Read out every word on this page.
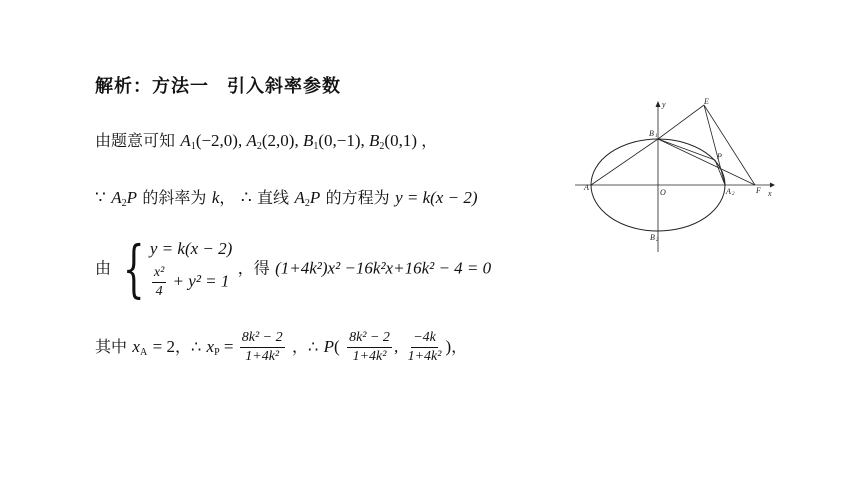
解析：方法一 引入斜率参数
由题意可知 $A_1(-2,0)$, $A_2(2,0)$, $B_1(0,-1)$, $B_2(0,1)$ ，
∵ $A_2P$ 的斜率为 k， ∴ 直线 $A_2P$ 的方程为 y = k(x − 2)
由 { y = k(x − 2)
$\frac{\text{x²}}{4} + y^2 = 1$
，得 (1+4k²)x² −16k²x+16k² − 4 = 0
其中 $x_A = 2$，∴ $x_P = \frac{\text{8k² − 2}}{\text{1+4k²}}$ ，∴ $P( \frac{\text{8k² − 2}}{\text{1+4k²}}$ , $\frac{-4k}{\text{1+4k²}}$ )，
y
x
O
A	A 2
B 1
B 2
E
P
F
